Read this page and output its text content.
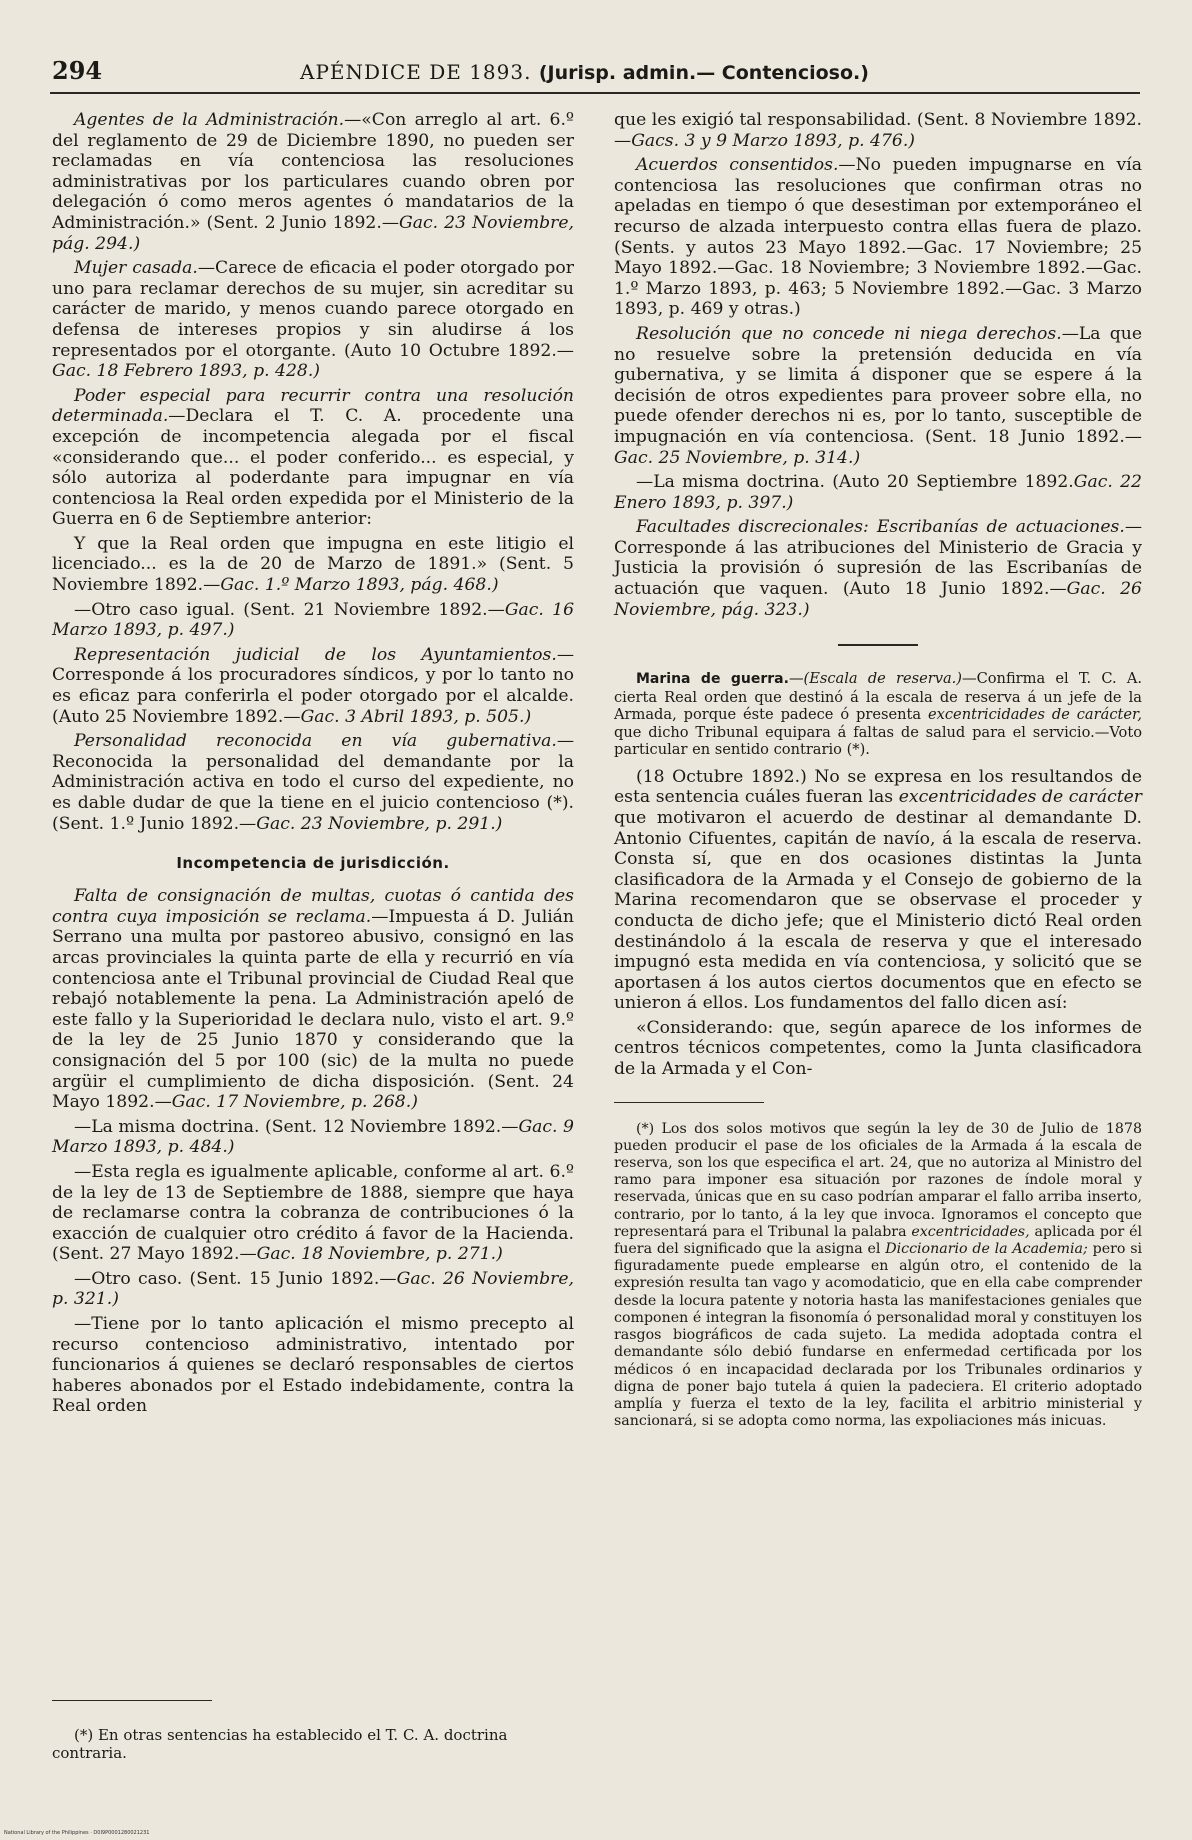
294	APÉNDICE DE 1893. (Jurisp. admin.— Contencioso.)

Agentes de la Administración.—«Con arreglo al art. 6.º del reglamento de 29 de Diciembre 1890, no pueden ser reclamadas en vía contenciosa las resoluciones administrativas por los particulares cuando obren por delegación ó como meros agentes ó mandatarios de la Administración.» (Sent. 2 Junio 1892.—Gac. 23 Noviembre, pág. 294.)

Mujer casada.—Carece de eficacia el poder otorgado por uno para reclamar derechos de su mujer, sin acreditar su carácter de marido, y menos cuando parece otorgado en defensa de intereses propios y sin aludirse á los representados por el otorgante. (Auto 10 Octubre 1892.—Gac. 18 Febrero 1893, p. 428.)

Poder especial para recurrir contra una resolución determinada.—Declara el T. C. A. procedente una excepción de incompetencia alegada por el fiscal «considerando que... el poder conferido... es especial, y sólo autoriza al poderdante para impugnar en vía contenciosa la Real orden expedida por el Ministerio de la Guerra en 6 de Septiembre anterior:

Y que la Real orden que impugna en este litigio el licenciado... es la de 20 de Marzo de 1891.» (Sent. 5 Noviembre 1892.—Gac. 1.º Marzo 1893, pág. 468.)

—Otro caso igual. (Sent. 21 Noviembre 1892.—Gac. 16 Marzo 1893, p. 497.)

Representación judicial de los Ayuntamientos.—Corresponde á los procuradores síndicos, y por lo tanto no es eficaz para conferirla el poder otorgado por el alcalde. (Auto 25 Noviembre 1892.—Gac. 3 Abril 1893, p. 505.)

Personalidad reconocida en vía gubernativa.—Reconocida la personalidad del demandante por la Administración activa en todo el curso del expediente, no es dable dudar de que la tiene en el juicio contencioso (*). (Sent. 1.º Junio 1892.—Gac. 23 Noviembre, p. 291.)

Incompetencia de jurisdicción.

Falta de consignación de multas, cuotas ó cantida des contra cuya imposición se reclama.—Impuesta á D. Julián Serrano una multa por pastoreo abusivo, consignó en las arcas provinciales la quinta parte de ella y recurrió en vía contenciosa ante el Tribunal provincial de Ciudad Real que rebajó notablemente la pena. La Administración apeló de este fallo y la Superioridad le declara nulo, visto el art. 9.º de la ley de 25 Junio 1870 y considerando que la consignación del 5 por 100 (sic) de la multa no puede argüir el cumplimiento de dicha disposición. (Sent. 24 Mayo 1892.—Gac. 17 Noviembre, p. 268.)

—La misma doctrina. (Sent. 12 Noviembre 1892.—Gac. 9 Marzo 1893, p. 484.)

—Esta regla es igualmente aplicable, conforme al art. 6.º de la ley de 13 de Septiembre de 1888, siempre que haya de reclamarse contra la cobranza de contribuciones ó la exacción de cualquier otro crédito á favor de la Hacienda. (Sent. 27 Mayo 1892.—Gac. 18 Noviembre, p. 271.)

—Otro caso. (Sent. 15 Junio 1892.—Gac. 26 Noviembre, p. 321.)

—Tiene por lo tanto aplicación el mismo precepto al recurso contencioso administrativo, intentado por funcionarios á quienes se declaró responsables de ciertos haberes abonados por el Estado indebidamente, contra la Real orden

(*) En otras sentencias ha establecido el T. C. A. doctrina contraria.

que les exigió tal responsabilidad. (Sent. 8 Noviembre 1892.—Gacs. 3 y 9 Marzo 1893, p. 476.)

Acuerdos consentidos.—No pueden impugnarse en vía contenciosa las resoluciones que confirman otras no apeladas en tiempo ó que desestiman por extemporáneo el recurso de alzada interpuesto contra ellas fuera de plazo. (Sents. y autos 23 Mayo 1892.—Gac. 17 Noviembre; 25 Mayo 1892.—Gac. 18 Noviembre; 3 Noviembre 1892.—Gac. 1.º Marzo 1893, p. 463; 5 Noviembre 1892.—Gac. 3 Marzo 1893, p. 469 y otras.)

Resolución que no concede ni niega derechos.—La que no resuelve sobre la pretensión deducida en vía gubernativa, y se limita á disponer que se espere á la decisión de otros expedientes para proveer sobre ella, no puede ofender derechos ni es, por lo tanto, susceptible de impugnación en vía contenciosa. (Sent. 18 Junio 1892.—Gac. 25 Noviembre, p. 314.)

—La misma doctrina. (Auto 20 Septiembre 1892.Gac. 22 Enero 1893, p. 397.)

Facultades discrecionales: Escribanías de actuaciones.—Corresponde á las atribuciones del Ministerio de Gracia y Justicia la provisión ó supresión de las Escribanías de actuación que vaquen. (Auto 18 Junio 1892.—Gac. 26 Noviembre, pág. 323.)

Marina de guerra.—(Escala de reserva.)—Confirma el T. C. A. cierta Real orden que destinó á la escala de reserva á un jefe de la Armada, porque éste padece ó presenta excentricidades de carácter, que dicho Tribunal equipara á faltas de salud para el servicio.—Voto particular en sentido contrario (*).

(18 Octubre 1892.) No se expresa en los resultandos de esta sentencia cuáles fueran las excentricidades de carácter que motivaron el acuerdo de destinar al demandante D. Antonio Cifuentes, capitán de navío, á la escala de reserva. Consta sí, que en dos ocasiones distintas la Junta clasificadora de la Armada y el Consejo de gobierno de la Marina recomendaron que se observase el proceder y conducta de dicho jefe; que el Ministerio dictó Real orden destinándolo á la escala de reserva y que el interesado impugnó esta medida en vía contenciosa, y solicitó que se aportasen á los autos ciertos documentos que en efecto se unieron á ellos. Los fundamentos del fallo dicen así:

«Considerando: que, según aparece de los informes de centros técnicos competentes, como la Junta clasificadora de la Armada y el Con-

(*) Los dos solos motivos que según la ley de 30 de Julio de 1878 pueden producir el pase de los oficiales de la Armada á la escala de reserva, son los que especifica el art. 24, que no autoriza al Ministro del ramo para imponer esa situación por razones de índole moral y reservada, únicas que en su caso podrían amparar el fallo arriba inserto, contrario, por lo tanto, á la ley que invoca. Ignoramos el concepto que representará para el Tribunal la palabra excentricidades, aplicada por él fuera del significado que la asigna el Diccionario de la Academia; pero si figuradamente puede emplearse en algún otro, el contenido de la expresión resulta tan vago y acomodaticio, que en ella cabe comprender desde la locura patente y notoria hasta las manifestaciones geniales que componen é integran la fisonomía ó personalidad moral y constituyen los rasgos biográficos de cada sujeto. La medida adoptada contra el demandante sólo debió fundarse en enfermedad certificada por los médicos ó en incapacidad declarada por los Tribunales ordinarios y digna de poner bajo tutela á quien la padeciera. El criterio adoptado amplía y fuerza el texto de la ley, facilita el arbitrio ministerial y sancionará, si se adopta como norma, las expoliaciones más inicuas.

National Library of the Philippines · D0I9P0001280021231
